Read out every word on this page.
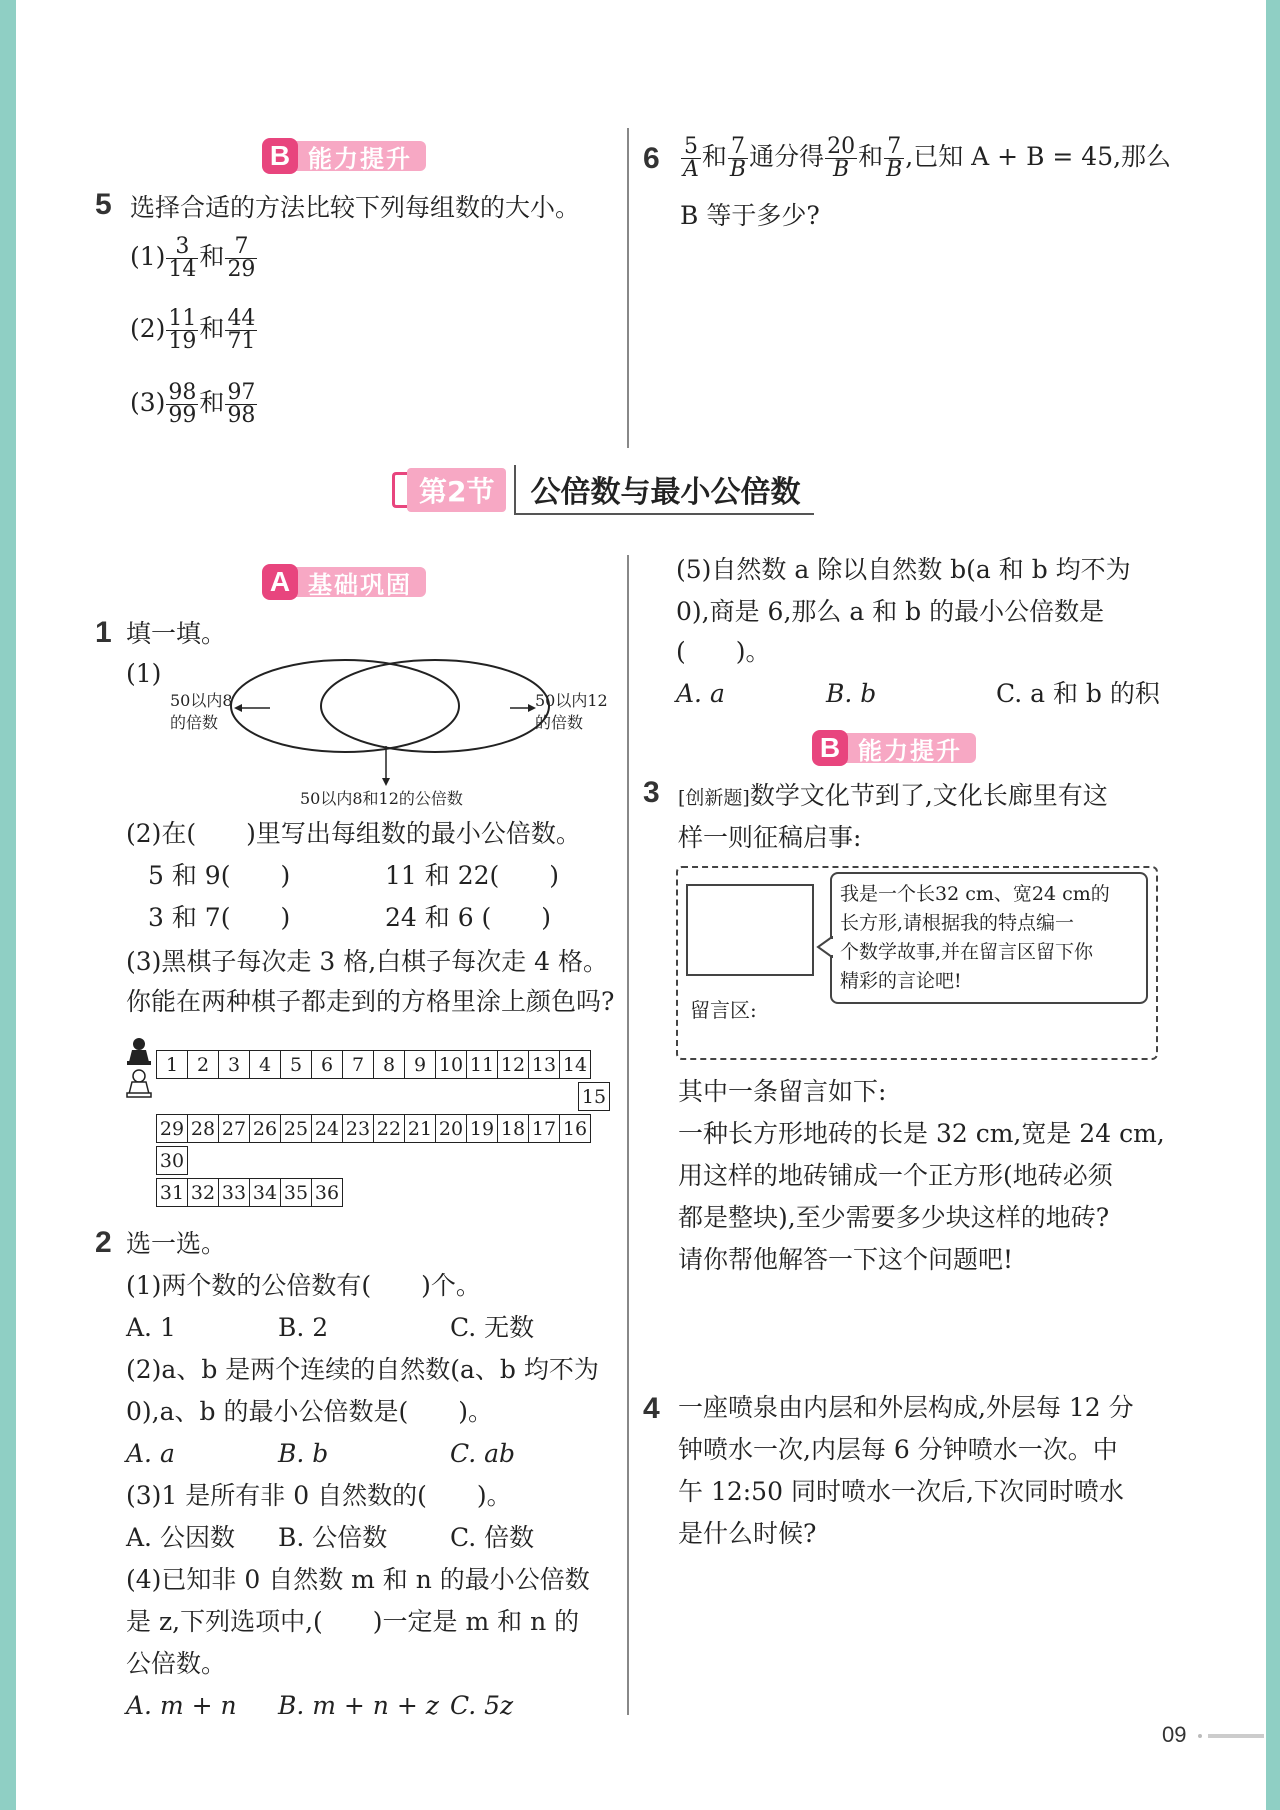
B 能力提升
5 选择合适的方法比较下列每组数的大小。
$(1) \frac{3}{14}$ 和 $\frac{7}{29}$
$(2) \frac{11}{19}$ 和 $\frac{44}{71}$
$(3) \frac{98}{99}$ 和 $\frac{97}{98}$
$6 \frac{5}{A}$ 和 $\frac{7}{B}$ 通分得 $\frac{20}{B}$ 和 $\frac{7}{B}$ ,已知 A + B = 45,那么
B 等于多少?
第2节	公倍数与最小公倍数
A 基础巩固
1 填一填。
(1)
50以内8
的倍数
50以内12
的倍数
50以内8和12的公倍数
(2)在(　　)里写出每组数的最小公倍数。
5 和 9(　　)	11 和 22(　　)
3 和 7(　　)	24 和 6 (　　)
(3)黑棋子每次走 3 格,白棋子每次走 4 格。
你能在两种棋子都走到的方格里涂上颜色吗?
1	2	3	4	5	6	7	8	9	10	11	12	13	14
15
29	28	27	26	25	24	23	22	21	20	19	18	17	16
30
31	32	33	34	35	36
2 选一选。
(1)两个数的公倍数有(　　)个。
A. 1	B. 2	C. 无数
(2)a、b 是两个连续的自然数(a、b 均不为
0),a、b 的最小公倍数是(　　)。
A. a	B. b	C. ab
(3)1 是所有非 0 自然数的(　　)。
A. 公因数 B. 公倍数	C. 倍数
(4)已知非 0 自然数 m 和 n 的最小公倍数
是 z,下列选项中,(　　)一定是 m 和 n 的
公倍数。
A. m + n B. m + n + z C. 5z
(5)自然数 a 除以自然数 b(a 和 b 均不为
0),商是 6,那么 a 和 b 的最小公倍数是
(　　)。
A. a	B. b	C. a 和 b 的积
B 能力提升
3 [创新题]数学文化节到了,文化长廊里有这
样一则征稿启事:
我是一个长32 cm、宽24 cm的
长方形,请根据我的特点编一
个数学故事,并在留言区留下你
精彩的言论吧!
留言区:
其中一条留言如下:
一种长方形地砖的长是 32 cm,宽是 24 cm,
用这样的地砖铺成一个正方形(地砖必须
都是整块),至少需要多少块这样的地砖?
请你帮他解答一下这个问题吧!
4 一座喷泉由内层和外层构成,外层每 12 分
钟喷水一次,内层每 6 分钟喷水一次。中
午 12:50 同时喷水一次后,下次同时喷水
是什么时候?
09
